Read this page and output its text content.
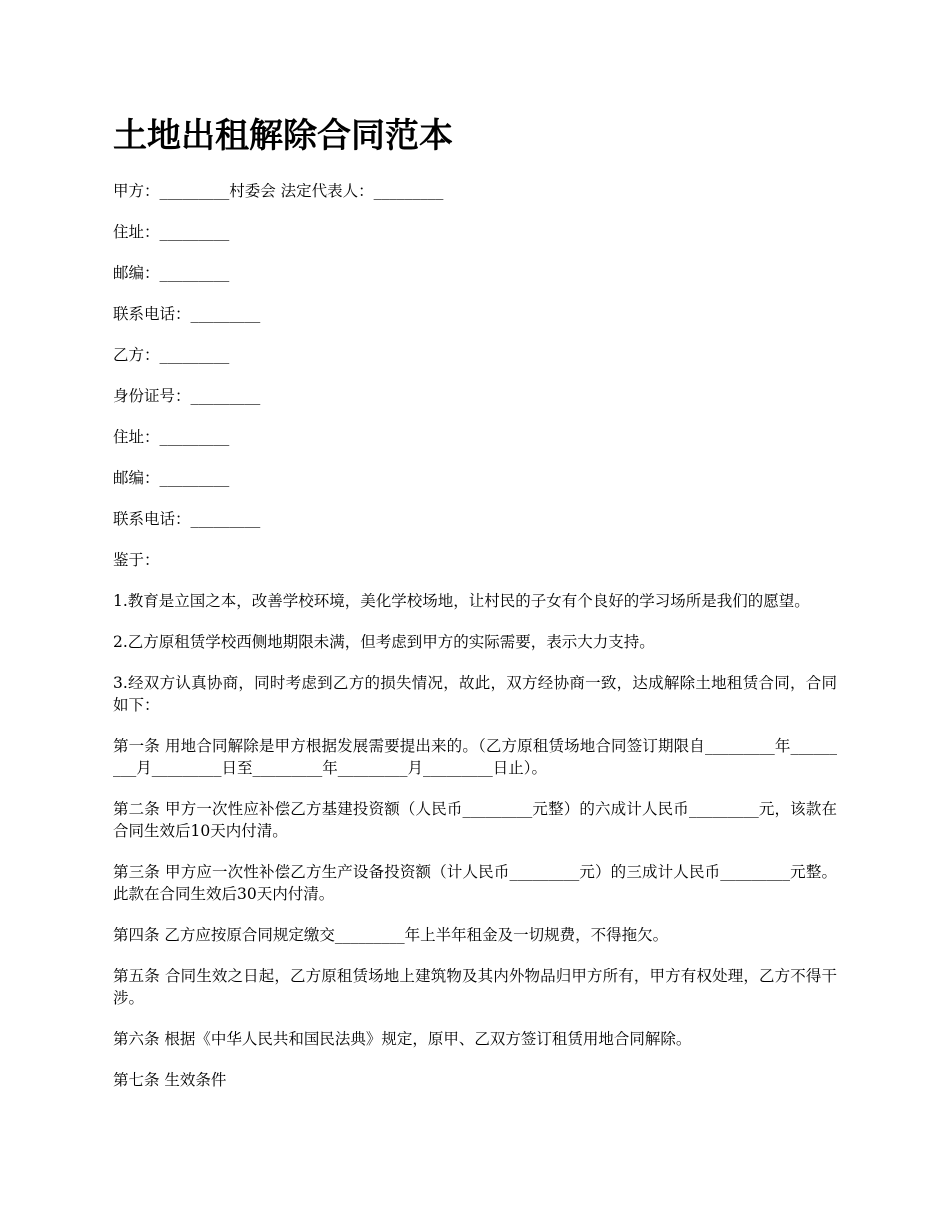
土地出租解除合同范本

甲方：_________村委会 法定代表人：_________

住址：_________

邮编：_________

联系电话：_________

乙方：_________

身份证号：_________

住址：_________

邮编：_________

联系电话：_________

鉴于：

1.教育是立国之本，改善学校环境，美化学校场地，让村民的子女有个良好的学习场所是我们的愿望。

2.乙方原租赁学校西侧地期限未满，但考虑到甲方的实际需要，表示大力支持。

3.经双方认真协商，同时考虑到乙方的损失情况，故此，双方经协商一致，达成解除土地租赁合同，合同如下：

第一条 用地合同解除是甲方根据发展需要提出来的。（乙方原租赁场地合同签订期限自_________年_________月_________日至_________年_________月_________日止）。

第二条 甲方一次性应补偿乙方基建投资额（人民币_________元整）的六成计人民币_________元，该款在合同生效后10天内付清。

第三条 甲方应一次性补偿乙方生产设备投资额（计人民币_________元）的三成计人民币_________元整。此款在合同生效后30天内付清。

第四条 乙方应按原合同规定缴交_________年上半年租金及一切规费，不得拖欠。

第五条 合同生效之日起，乙方原租赁场地上建筑物及其内外物品归甲方所有，甲方有权处理，乙方不得干涉。

第六条 根据《中华人民共和国民法典》规定，原甲、乙双方签订租赁用地合同解除。

第七条 生效条件
